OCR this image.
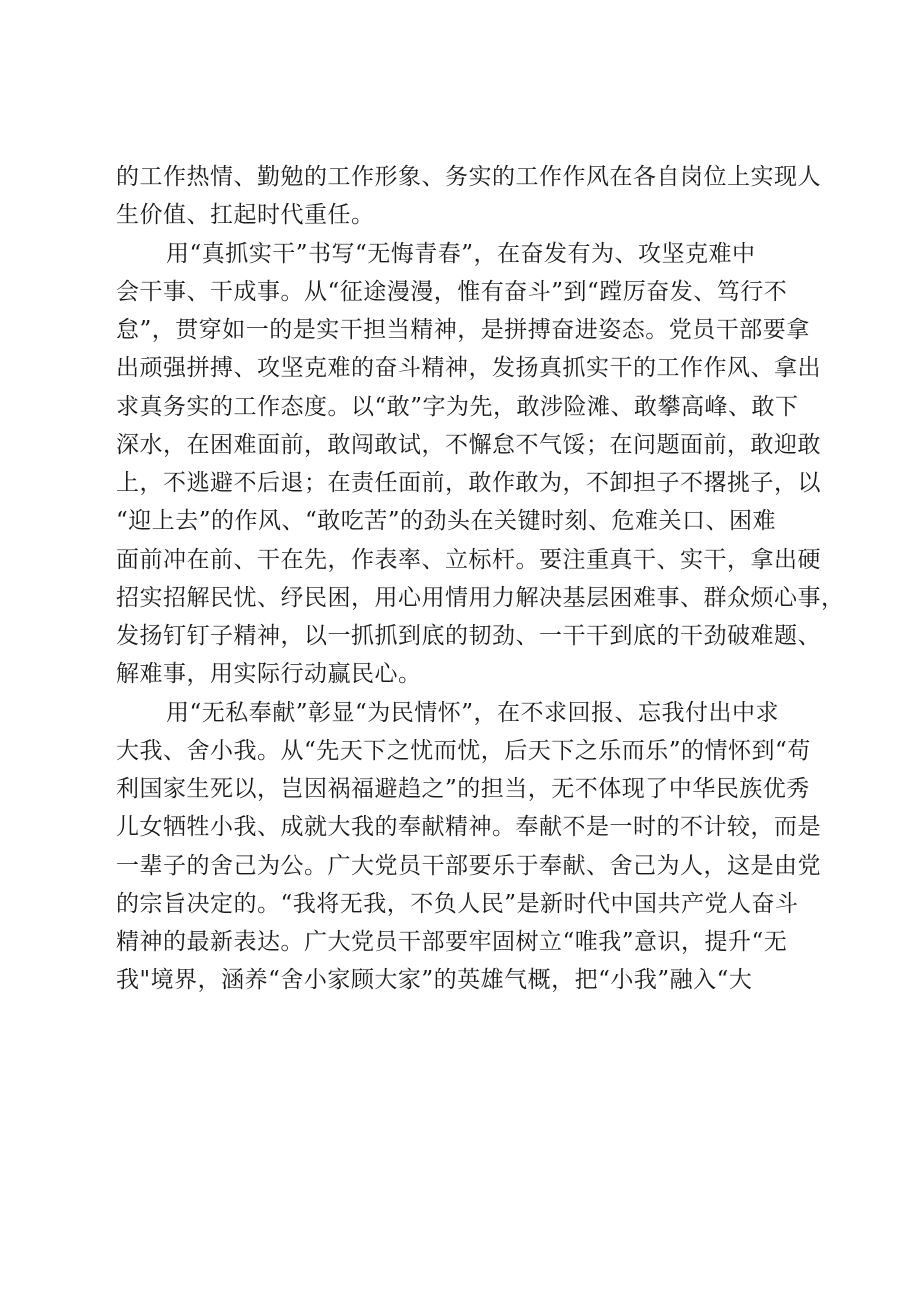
的工作热情、勤勉的工作形象、务实的工作作风在各自岗位上实现人
生价值、扛起时代重任。
用“真抓实干”书写“无悔青春”，在奋发有为、攻坚克难中
会干事、干成事。从“征途漫漫，惟有奋斗”到“蹚厉奋发、笃行不
怠”，贯穿如一的是实干担当精神，是拼搏奋进姿态。党员干部要拿
出顽强拼搏、攻坚克难的奋斗精神，发扬真抓实干的工作作风、拿出
求真务实的工作态度。以“敢”字为先，敢涉险滩、敢攀高峰、敢下
深水，在困难面前，敢闯敢试，不懈怠不气馁；在问题面前，敢迎敢
上，不逃避不后退；在责任面前，敢作敢为，不卸担子不撂挑子，以
“迎上去”的作风、“敢吃苦”的劲头在关键时刻、危难关口、困难
面前冲在前、干在先，作表率、立标杆。要注重真干、实干，拿出硬
招实招解民忧、纾民困，用心用情用力解决基层困难事、群众烦心事，
发扬钉钉子精神，以一抓抓到底的韧劲、一干干到底的干劲破难题、
解难事，用实际行动赢民心。
用“无私奉献”彰显“为民情怀”，在不求回报、忘我付出中求
大我、舍小我。从“先天下之忧而忧，后天下之乐而乐”的情怀到“苟
利国家生死以，岂因祸福避趋之”的担当，无不体现了中华民族优秀
儿女牺牲小我、成就大我的奉献精神。奉献不是一时的不计较，而是
一辈子的舍己为公。广大党员干部要乐于奉献、舍己为人，这是由党
的宗旨决定的。“我将无我，不负人民”是新时代中国共产党人奋斗
精神的最新表达。广大党员干部要牢固树立“唯我”意识，提升“无
我"境界，涵养“舍小家顾大家”的英雄气概，把“小我”融入“大
